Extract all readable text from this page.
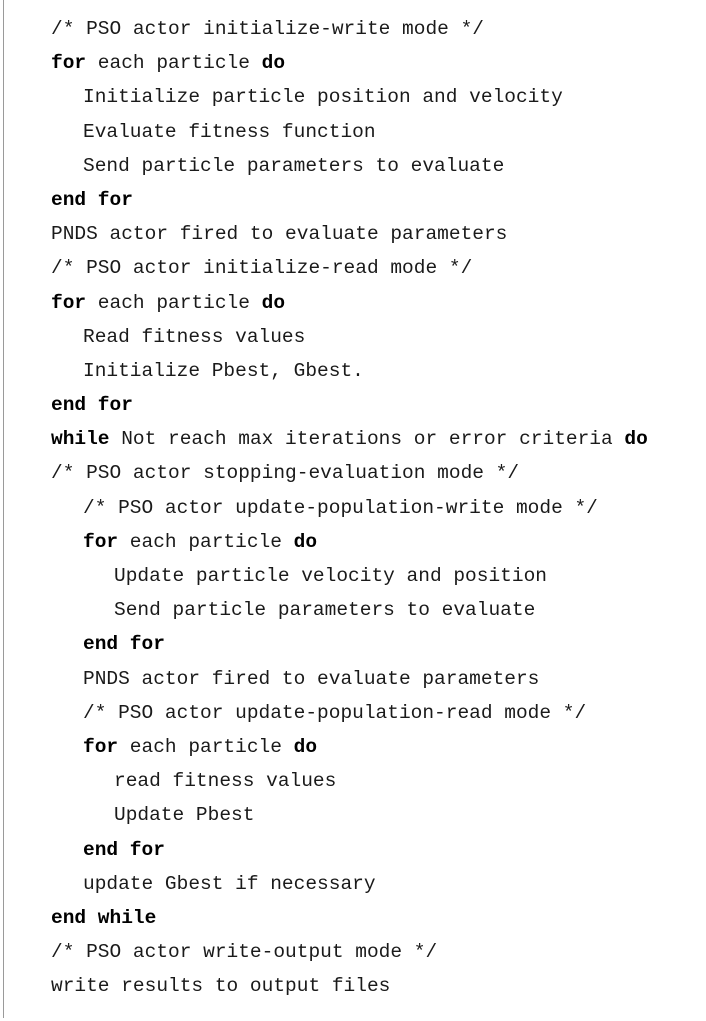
/* PSO actor initialize-write mode */
for each particle do
Initialize particle position and velocity
Evaluate fitness function
Send particle parameters to evaluate
end for
PNDS actor fired to evaluate parameters
/* PSO actor initialize-read mode */
for each particle do
Read fitness values
Initialize Pbest, Gbest.
end for
while Not reach max iterations or error criteria do
/* PSO actor stopping-evaluation mode */
/* PSO actor update-population-write mode */
for each particle do
Update particle velocity and position
Send particle parameters to evaluate
end for
PNDS actor fired to evaluate parameters
/* PSO actor update-population-read mode */
for each particle do
read fitness values
Update Pbest
end for
update Gbest if necessary
end while
/* PSO actor write-output mode */
write results to output files
